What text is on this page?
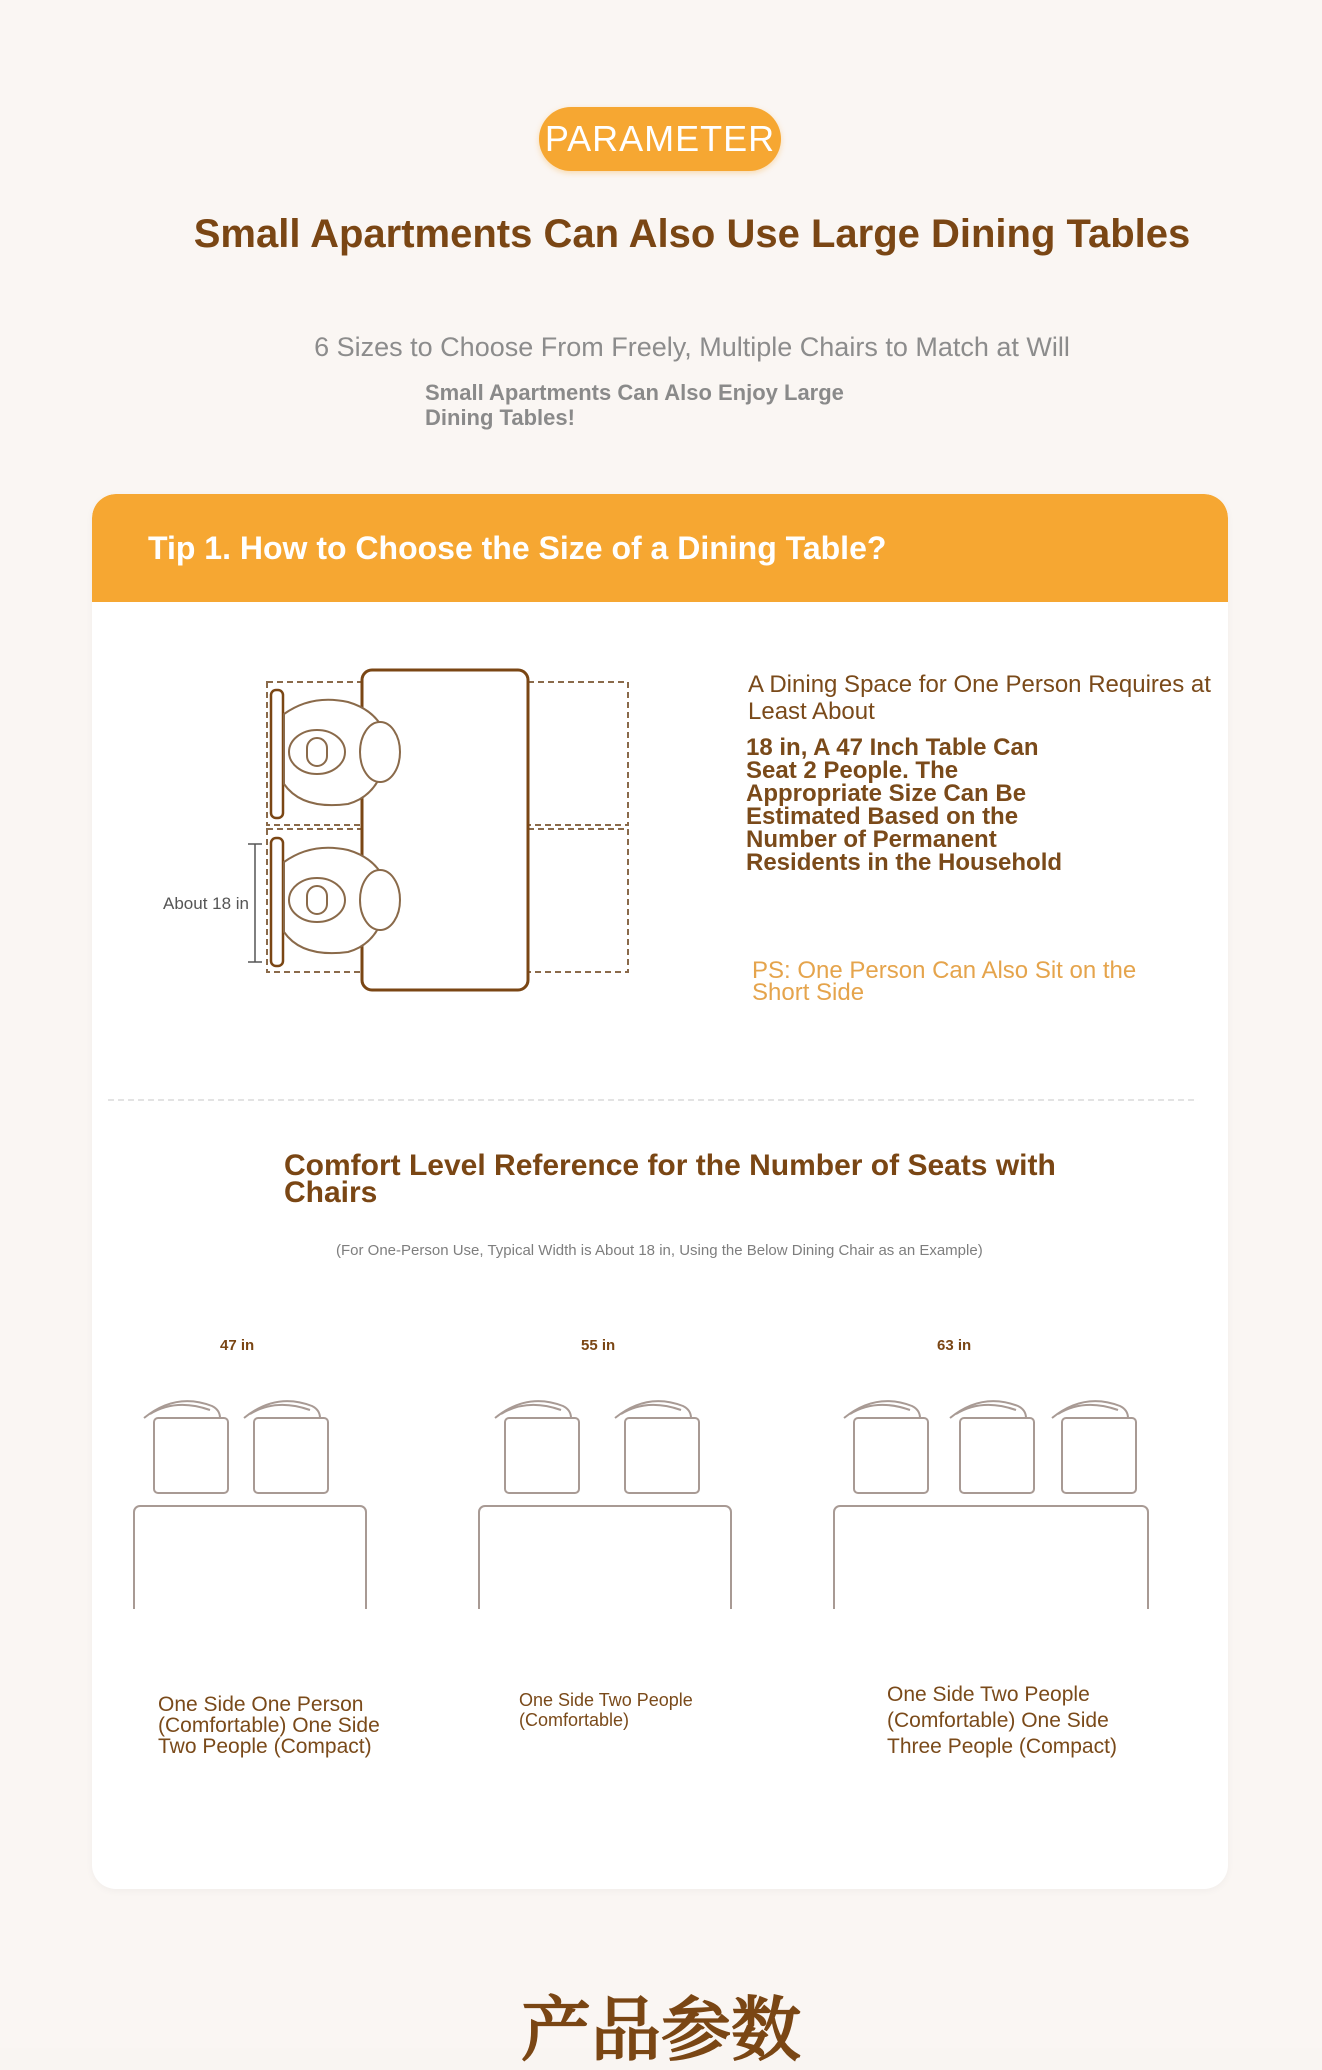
PARAMETER
Small Apartments Can Also Use Large Dining Tables
6 Sizes to Choose From Freely, Multiple Chairs to Match at Will
Small Apartments Can Also Enjoy Large Dining Tables!
Tip 1. How to Choose the Size of a Dining Table?
About 18 in
A Dining Space for One Person Requires at Least About
18 in, A 47 Inch Table Can Seat 2 People. The Appropriate Size Can Be Estimated Based on the Number of Permanent Residents in the Household
PS: One Person Can Also Sit on the Short Side
Comfort Level Reference for the Number of Seats with Chairs
(For One-Person Use, Typical Width is About 18 in, Using the Below Dining Chair as an Example)
47 in
One Side One Person (Comfortable) One Side Two People (Compact)
55 in
One Side Two People (Comfortable)
63 in
One Side Two People (Comfortable) One Side Three People (Compact)
产品参数
